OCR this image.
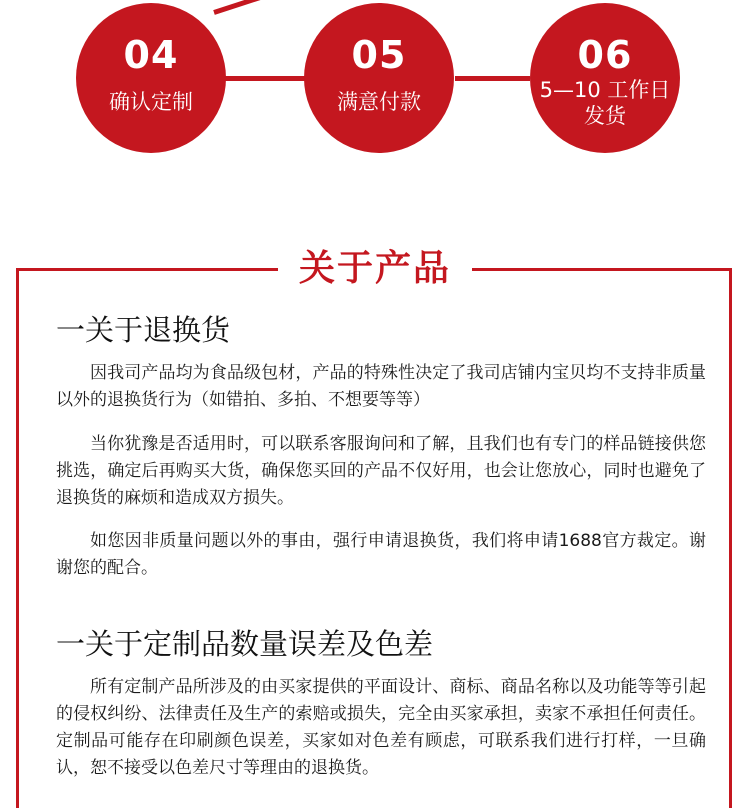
04
确认定制
05
满意付款
06
5—10 工作日
发货
关于产品
一关于退换货
因我司产品均为食品级包材，产品的特殊性决定了我司店铺内宝贝均不支持非质量以外的退换货行为（如错拍、多拍、不想要等等）
当你犹豫是否适用时，可以联系客服询问和了解，且我们也有专门的样品链接供您挑选，确定后再购买大货，确保您买回的产品不仅好用，也会让您放心，同时也避免了退换货的麻烦和造成双方损失。
如您因非质量问题以外的事由，强行申请退换货，我们将申请1688官方裁定。谢谢您的配合。
一关于定制品数量误差及色差
所有定制产品所涉及的由买家提供的平面设计、商标、商品名称以及功能等等引起的侵权纠纷、法律责任及生产的索赔或损失，完全由买家承担，卖家不承担任何责任。定制品可能存在印刷颜色误差，买家如对色差有顾虑，可联系我们进行打样，一旦确认，恕不接受以色差尺寸等理由的退换货。
